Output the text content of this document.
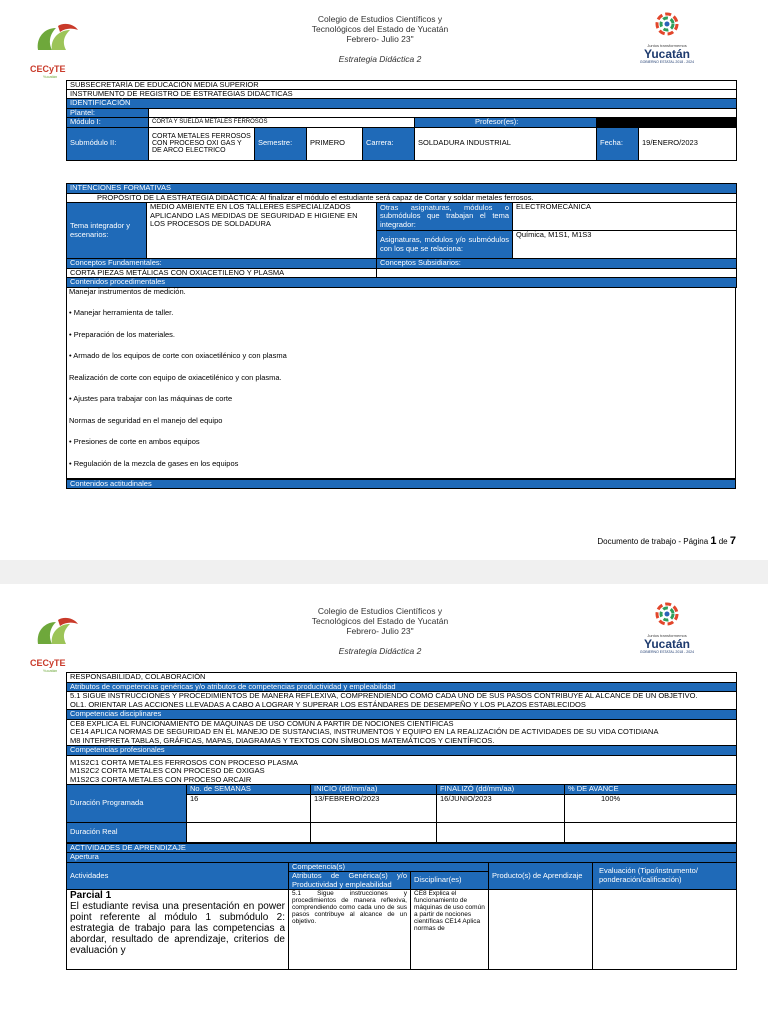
CECyTE
Yucatán
Colegio de Estudios Científicos y
Tecnológicos del Estado de Yucatán
Febrero- Julio 23"
Estrategia Didáctica 2
Juntos transformemos
Yucatán
GOBIERNO ESTATAL 2018 - 2024
SUBSECRETARÍA DE EDUCACIÓN MEDIA SUPERIOR							
INSTRUMENTO DE REGISTRO DE ESTRATEGIAS DIDÁCTICAS							
IDENTIFICACIÓN							
Plantel:							
Módulo I:	CORTA Y SUELDA METALES FERROSOS				Profesor(es):		
Submódulo II:	CORTA METALES FERROSOS CON PROCESO OXI GAS Y DE ARCO ELECTRICO	Semestre:	PRIMERO	Carrera:	SOLDADURA INDUSTRIAL	Fecha:	19/ENERO/2023
INTENCIONES FORMATIVAS			
PROPÓSITO DE LA ESTRATEGIA DIDÁCTICA: Al finalizar el módulo el estudiante será capaz de Cortar y soldar metales ferrosos.			
Tema integrador y escenarios:	MEDIO AMBIENTE EN LOS TALLERES ESPECIALIZADOS APLICANDO LAS MEDIDAS DE SEGURIDAD E HIGIENE EN LOS PROCESOS DE SOLDADURA	Otras asignaturas, módulos o submódulos que trabajan el tema integrador:	ELECTROMECÁNICA
		Asignaturas, módulos y/o submódulos con los que se relaciona:	Química, M1S1, M1S3
Conceptos Fundamentales:		Conceptos Subsidiarios:	
CORTA PIEZAS METÁLICAS CON OXIACETILENO Y PLASMA			
Contenidos procedimentales			

Manejar instrumentos de medición.

• Manejar herramienta de taller.

• Preparación de los materiales.

• Armado de los equipos de corte con oxiacetilénico y con plasma

Realización de corte con equipo de oxiacetilénico y con plasma.

• Ajustes para trabajar con las máquinas de corte

Normas de seguridad en el manejo del equipo

• Presiones de corte en ambos equipos

• Regulación de la mezcla de gases en los equipos

Contenidos actitudinales
Documento de trabajo - Página 1 de 7
CECyTE
Yucatán
Colegio de Estudios Científicos y
Tecnológicos del Estado de Yucatán
Febrero- Julio 23"
Estrategia Didáctica 2
Juntos transformemos
Yucatán
GOBIERNO ESTATAL 2018 - 2024
RESPONSABILIDAD, COLABORACIÓN				
Atributos de competencias genéricas y/o atributos de competencias productividad y empleabilidad				
5.1 SIGUE INSTRUCCIONES Y PROCEDIMIENTOS DE MANERA REFLEXIVA, COMPRENDIENDO COMO CADA UNO DE SUS PASOS CONTRIBUYE AL ALCANCE DE UN OBJETIVO.				
OL1. ORIENTAR LAS ACCIONES LLEVADAS A CABO A LOGRAR Y SUPERAR LOS ESTÁNDARES DE DESEMPEÑO Y LOS PLAZOS ESTABLECIDOS				
Competencias disciplinares				
CE8 EXPLICA EL FUNCIONAMIENTO DE MÁQUINAS DE USO COMÚN A PARTIR DE NOCIONES CIENTÍFICAS				
CE14 APLICA NORMAS DE SEGURIDAD EN EL MANEJO DE SUSTANCIAS, INSTRUMENTOS Y EQUIPO EN LA REALIZACIÓN DE ACTIVIDADES DE SU VIDA COTIDIANA				
M8 INTERPRETA TABLAS, GRÁFICAS, MAPAS, DIAGRAMAS Y TEXTOS CON SÍMBOLOS MATEMÁTICOS Y CIENTÍFICOS.				
Competencias profesionales				
M1S2C1 CORTA METALES FERROSOS CON PROCESO PLASMA				
M1S2C2 CORTA METALES CON PROCESO DE OXIGAS				
M1S2C3 CORTA METALES CON PROCESO ARCAIR				
Duración Programada	No. de SEMANAS	INICIO (dd/mm/aa)	FINALIZÓ (dd/mm/aa)	% DE AVANCE
	16	13/FEBRERO/2023	16/JUNIO/2023	100%
Duración Real				
ACTIVIDADES DE APRENDIZAJE				
Apertura				
Actividades	Competencia(s)		Producto(s) de Aprendizaje	Evaluación (Tipo/instrumento/ ponderación/calificación)
	Atributos de Genérica(s) y/o Productividad y empleabilidad	Disciplinar(es)		

Parcial 1
El estudiante revisa una presentación en power point referente al módulo 1 submódulo 2: estrategia de trabajo para las competencias a abordar, resultado de aprendizaje, criterios de evaluación y	5.1 Sigue instrucciones y procedimientos de manera reflexiva, comprendiendo como cada uno de sus pasos contribuye al alcance de un objetivo.	CE8 Explica el funcionamiento de máquinas de uso común a partir de nociones científicas CE14 Aplica normas de		
